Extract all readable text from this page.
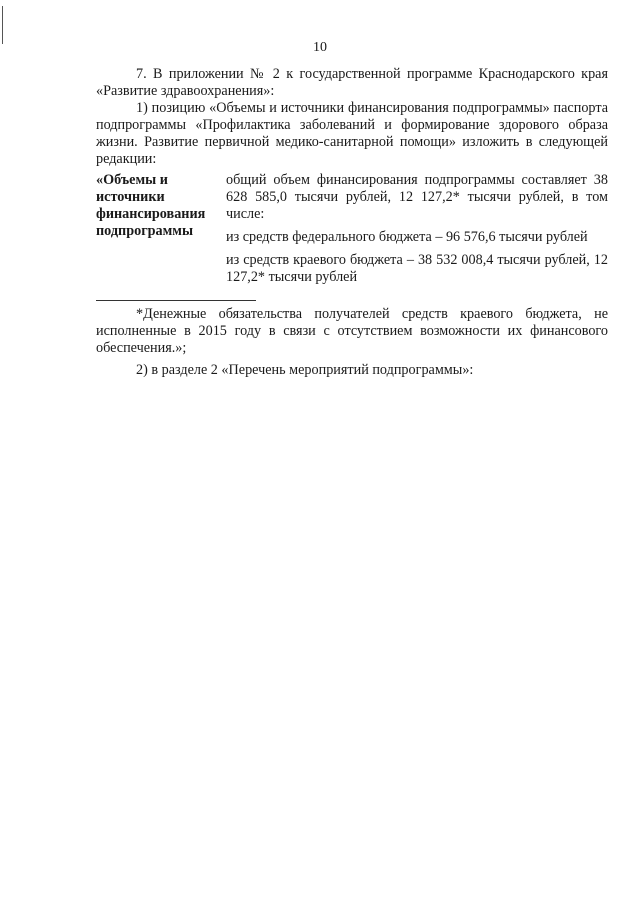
10

7. В приложении № 2 к государственной программе Краснодарского края «Развитие здравоохранения»:

1) позицию «Объемы и источники финансирования подпрограммы» паспорта подпрограммы «Профилактика заболеваний и формирование здорового образа жизни. Развитие первичной медико-санитарной помощи» изложить в следующей редакции:

«Объемы и источники финансирования подпрограммы

общий объем финансирования подпрограммы составляет 38 628 585,0 тысячи рублей, 12 127,2* тысячи рублей, в том числе:

из средств федерального бюджета – 96 576,6 тысячи рублей

из средств краевого бюджета – 38 532 008,4 тысячи рублей, 12 127,2* тысячи рублей

*Денежные обязательства получателей средств краевого бюджета, не исполненные в 2015 году в связи с отсутствием возможности их финансового обеспечения.»;
2) в разделе 2 «Перечень мероприятий подпрограммы»:
